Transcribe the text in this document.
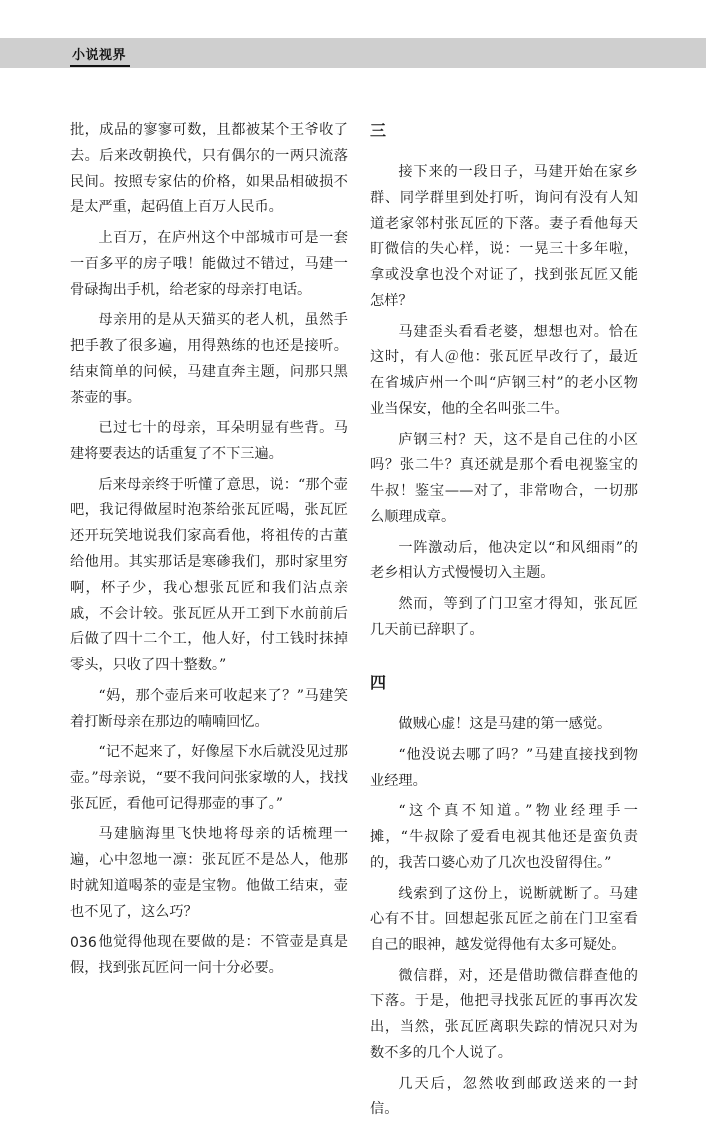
小说视界

批，成品的寥寥可数，且都被某个王爷收了去。后来改朝换代，只有偶尔的一两只流落民间。按照专家估的价格，如果品相破损不是太严重，起码值上百万人民币。

上百万，在庐州这个中部城市可是一套一百多平的房子哦！能做过不错过，马建一骨碌掏出手机，给老家的母亲打电话。

母亲用的是从天猫买的老人机，虽然手把手教了很多遍，用得熟练的也还是接听。结束简单的问候，马建直奔主题，问那只黑茶壶的事。

已过七十的母亲，耳朵明显有些背。马建将要表达的话重复了不下三遍。

后来母亲终于听懂了意思，说：“那个壶吧，我记得做屋时泡茶给张瓦匠喝，张瓦匠还开玩笑地说我们家高看他，将祖传的古董给他用。其实那话是寒碜我们，那时家里穷啊，杯子少，我心想张瓦匠和我们沾点亲戚，不会计较。张瓦匠从开工到下水前前后后做了四十二个工，他人好，付工钱时抹掉零头，只收了四十整数。”

“妈，那个壶后来可收起来了？”马建笑着打断母亲在那边的喃喃回忆。

“记不起来了，好像屋下水后就没见过那壶。”母亲说，“要不我问问张家墩的人，找找张瓦匠，看他可记得那壶的事了。”

马建脑海里飞快地将母亲的话梳理一遍，心中忽地一凛：张瓦匠不是怂人，他那时就知道喝茶的壶是宝物。他做工结束，壶也不见了，这么巧？

他觉得他现在要做的是：不管壶是真是假，找到张瓦匠问一问十分必要。

三

接下来的一段日子，马建开始在家乡群、同学群里到处打听，询问有没有人知道老家邻村张瓦匠的下落。妻子看他每天盯微信的失心样，说：一晃三十多年啦，拿或没拿也没个对证了，找到张瓦匠又能怎样？

马建歪头看看老婆，想想也对。恰在这时，有人＠他：张瓦匠早改行了，最近在省城庐州一个叫“庐钢三村”的老小区物业当保安，他的全名叫张二牛。

庐钢三村？天，这不是自己住的小区吗？张二牛？真还就是那个看电视鉴宝的牛叔！鉴宝——对了，非常吻合，一切那么顺理成章。

一阵激动后，他决定以“和风细雨”的老乡相认方式慢慢切入主题。

然而，等到了门卫室才得知，张瓦匠几天前已辞职了。

四

做贼心虚！这是马建的第一感觉。

“他没说去哪了吗？”马建直接找到物业经理。

“这个真不知道。”物业经理手一摊，“牛叔除了爱看电视其他还是蛮负责的，我苦口婆心劝了几次也没留得住。”

线索到了这份上，说断就断了。马建心有不甘。回想起张瓦匠之前在门卫室看自己的眼神，越发觉得他有太多可疑处。

微信群，对，还是借助微信群查他的下落。于是，他把寻找张瓦匠的事再次发出，当然，张瓦匠离职失踪的情况只对为数不多的几个人说了。

几天后，忽然收到邮政送来的一封信。

036
